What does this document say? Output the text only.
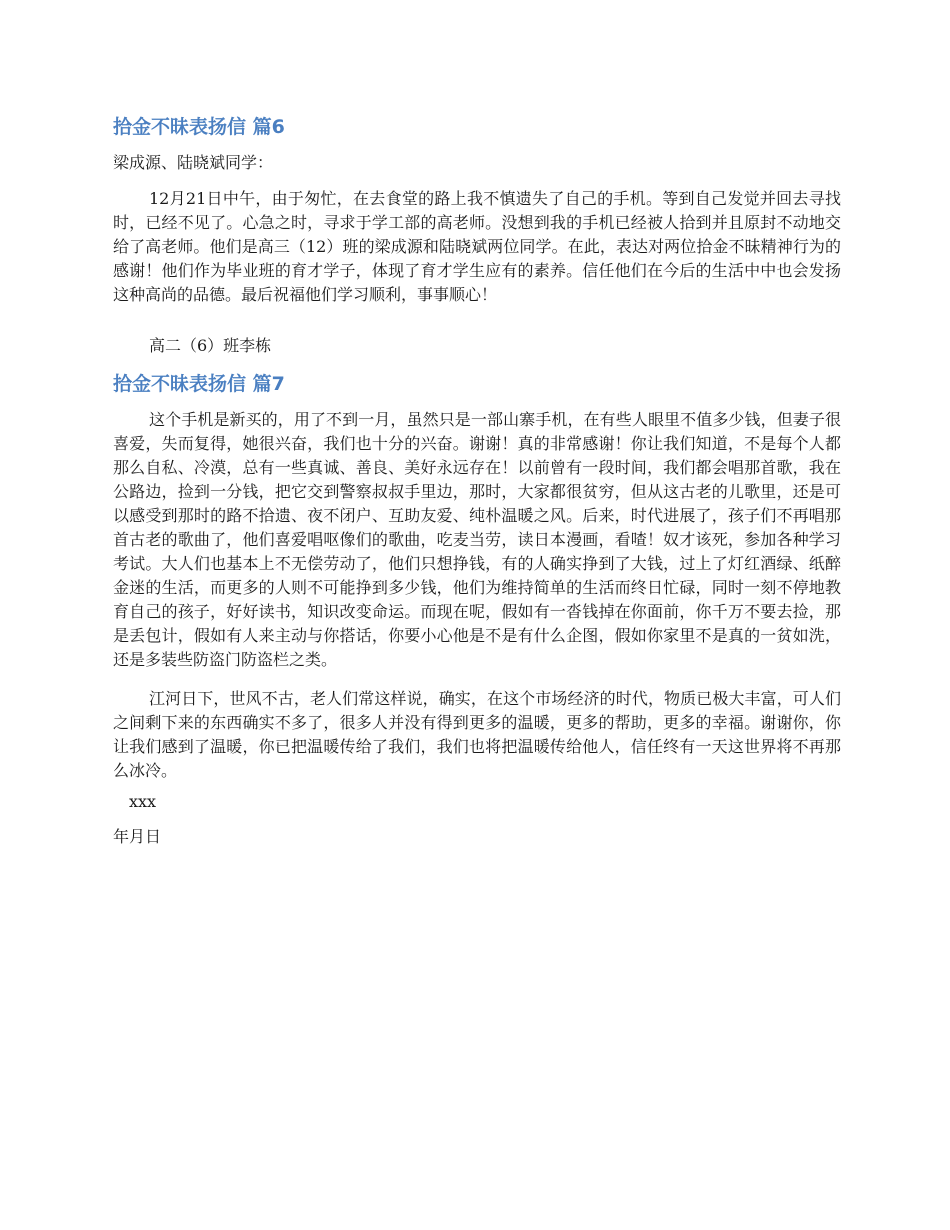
拾金不昧表扬信 篇6

梁成源、陆晓斌同学：

12月21日中午，由于匆忙，在去食堂的路上我不慎遗失了自己的手机。等到自己发觉并回去寻找时，已经不见了。心急之时，寻求于学工部的高老师。没想到我的手机已经被人拾到并且原封不动地交给了高老师。他们是高三（12）班的梁成源和陆晓斌两位同学。在此，表达对两位拾金不昧精神行为的感谢！他们作为毕业班的育才学子，体现了育才学生应有的素养。信任他们在今后的生活中中也会发扬这种高尚的品德。最后祝福他们学习顺利，事事顺心！

高二（6）班李栋

拾金不昧表扬信 篇7

这个手机是新买的，用了不到一月，虽然只是一部山寨手机，在有些人眼里不值多少钱，但妻子很喜爱，失而复得，她很兴奋，我们也十分的兴奋。谢谢！真的非常感谢！你让我们知道，不是每个人都那么自私、冷漠，总有一些真诚、善良、美好永远存在！以前曾有一段时间，我们都会唱那首歌，我在公路边，捡到一分钱，把它交到警察叔叔手里边，那时，大家都很贫穷，但从这古老的儿歌里，还是可以感受到那时的路不拾遗、夜不闭户、互助友爱、纯朴温暖之风。后来，时代进展了，孩子们不再唱那首古老的歌曲了，他们喜爱唱呕像们的歌曲，吃麦当劳，读日本漫画，看喳！奴才该死，参加各种学习考试。大人们也基本上不无偿劳动了，他们只想挣钱，有的人确实挣到了大钱，过上了灯红酒绿、纸醉金迷的生活，而更多的人则不可能挣到多少钱，他们为维持简单的生活而终日忙碌，同时一刻不停地教育自己的孩子，好好读书，知识改变命运。而现在呢，假如有一沓钱掉在你面前，你千万不要去捡，那是丢包计，假如有人来主动与你搭话，你要小心他是不是有什么企图，假如你家里不是真的一贫如洗，还是多装些防盗门防盗栏之类。

江河日下，世风不古，老人们常这样说，确实，在这个市场经济的时代，物质已极大丰富，可人们之间剩下来的东西确实不多了，很多人并没有得到更多的温暖，更多的帮助，更多的幸福。谢谢你，你让我们感到了温暖，你已把温暖传给了我们，我们也将把温暖传给他人，信任终有一天这世界将不再那么冰冷。

xxx

年月日
